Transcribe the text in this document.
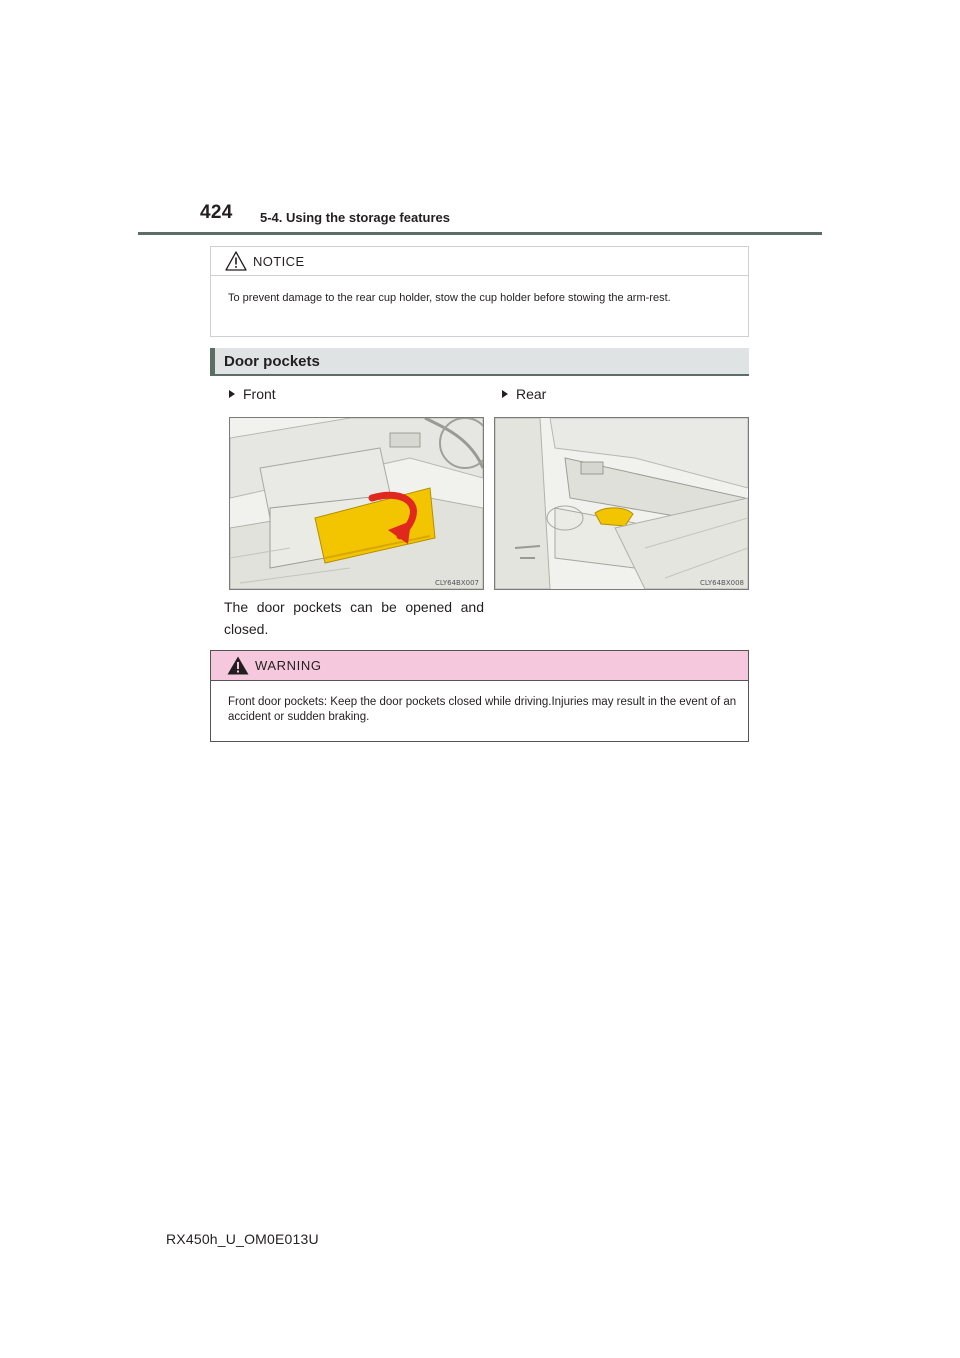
424 5-4. Using the storage features
NOTICE
To prevent damage to the rear cup holder, stow the cup holder before stowing the arm-rest.
Door pockets
Front	Rear
CLY64BX007	CLY64BX008
The door pockets can be opened and closed.
WARNING
Front door pockets: Keep the door pockets closed while driving.Injuries may result in the event of an accident or sudden braking.
RX450h_U_OM0E013U
